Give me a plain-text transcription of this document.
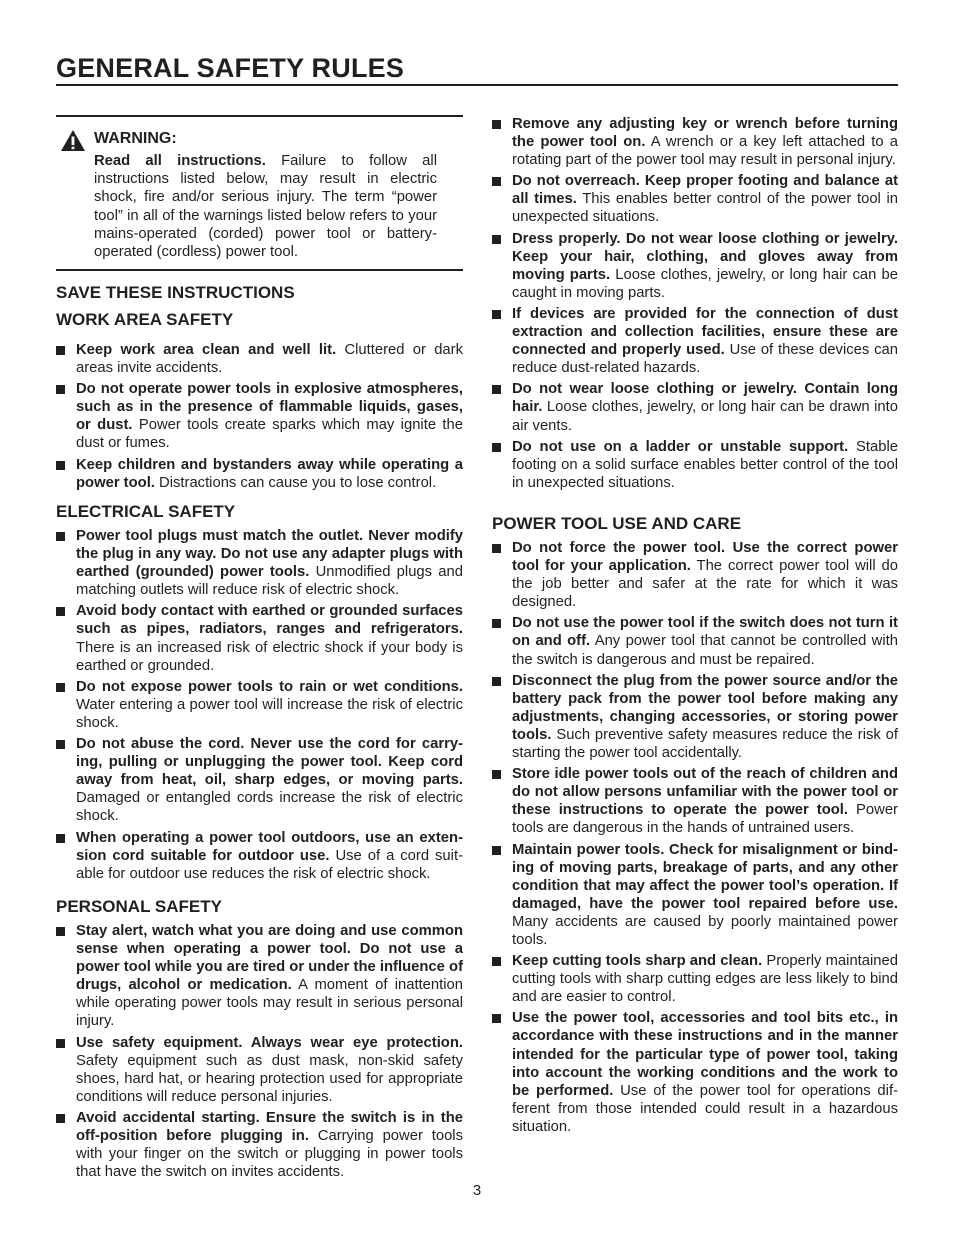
GENERAL SAFETY RULES
WARNING:
Read all instructions. Failure to follow all instructions listed below, may result in electric shock, fire and/or serious injury. The term “power tool” in all of the warnings listed below refers to your mains-operated (corded) power tool or battery-operated (cordless) power tool.
SAVE THESE INSTRUCTIONS
WORK AREA SAFETY
Keep work area clean and well lit. Cluttered or dark areas invite accidents.
Do not operate power tools in explosive atmospheres, such as in the presence of flammable liquids, gases, or dust. Power tools create sparks which may ignite the dust or fumes.
Keep children and bystanders away while operating a power tool. Distractions can cause you to lose control.
ELECTRICAL SAFETY
Power tool plugs must match the outlet. Never modify the plug in any way. Do not use any adapter plugs with earthed (grounded) power tools. Unmodified plugs and matching outlets will reduce risk of electric shock.
Avoid body contact with earthed or grounded surfaces such as pipes, radiators, ranges and refrigerators. There is an increased risk of electric shock if your body is earthed or grounded.
Do not expose power tools to rain or wet conditions. Water entering a power tool will increase the risk of electric shock.
Do not abuse the cord. Never use the cord for carrying, pulling or unplugging the power tool. Keep cord away from heat, oil, sharp edges, or moving parts. Damaged or entangled cords increase the risk of electric shock.
When operating a power tool outdoors, use an extension cord suitable for outdoor use. Use of a cord suitable for outdoor use reduces the risk of electric shock.
PERSONAL SAFETY
Stay alert, watch what you are doing and use common sense when operating a power tool. Do not use a power tool while you are tired or under the influence of drugs, alcohol or medication. A moment of inattention while operating power tools may result in serious personal injury.
Use safety equipment. Always wear eye protection. Safety equipment such as dust mask, non-skid safety shoes, hard hat, or hearing protection used for appropriate conditions will reduce personal injuries.
Avoid accidental starting. Ensure the switch is in the off-position before plugging in. Carrying power tools with your finger on the switch or plugging in power tools that have the switch on invites accidents.
Remove any adjusting key or wrench before turning the power tool on. A wrench or a key left attached to a rotating part of the power tool may result in personal injury.
Do not overreach. Keep proper footing and balance at all times. This enables better control of the power tool in unexpected situations.
Dress properly. Do not wear loose clothing or jewelry. Keep your hair, clothing, and gloves away from moving parts. Loose clothes, jewelry, or long hair can be caught in moving parts.
If devices are provided for the connection of dust extraction and collection facilities, ensure these are connected and properly used. Use of these devices can reduce dust-related hazards.
Do not wear loose clothing or jewelry. Contain long hair. Loose clothes, jewelry, or long hair can be drawn into air vents.
Do not use on a ladder or unstable support. Stable footing on a solid surface enables better control of the tool in unexpected situations.
POWER TOOL USE AND CARE
Do not force the power tool. Use the correct power tool for your application. The correct power tool will do the job better and safer at the rate for which it was designed.
Do not use the power tool if the switch does not turn it on and off. Any power tool that cannot be controlled with the switch is dangerous and must be repaired.
Disconnect the plug from the power source and/or the battery pack from the power tool before making any adjustments, changing accessories, or storing power tools. Such preventive safety measures reduce the risk of starting the power tool accidentally.
Store idle power tools out of the reach of children and do not allow persons unfamiliar with the power tool or these instructions to operate the power tool. Power tools are dangerous in the hands of untrained users.
Maintain power tools. Check for misalignment or binding of moving parts, breakage of parts, and any other condition that may affect the power tool’s operation. If damaged, have the power tool repaired before use. Many accidents are caused by poorly maintained power tools.
Keep cutting tools sharp and clean. Properly maintained cutting tools with sharp cutting edges are less likely to bind and are easier to control.
Use the power tool, accessories and tool bits etc., in accordance with these instructions and in the manner intended for the particular type of power tool, taking into account the working conditions and the work to be performed. Use of the power tool for operations different from those intended could result in a hazardous situation.
3
